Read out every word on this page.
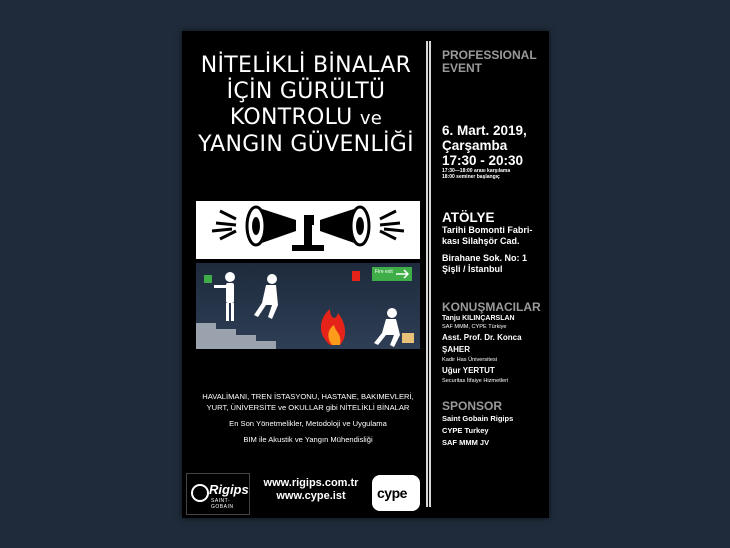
NİTELİKLİ BİNALAR
İÇİN GÜRÜLTÜ
KONTROLU ve
YANGIN GÜVENLİĞİ
Fire exit

HAVALİMANI, TREN İSTASYONU, HASTANE, BAKIMEVLERİ,
YURT, ÜNİVERSİTE ve OKULLAR gibi NİTELİKLİ BİNALAR

En Son Yönetmelikler, Metodoloji ve Uygulama

BIM ile Akustik ve Yangın Mühendisliği

Rigips
SAINT-GOBAIN
www.rigips.com.tr
www.cype.ist	cype
PROFESSIONAL
EVENT
6. Mart. 2019,
Çarşamba
17:30 - 20:30
17:30—18:00 arası karşılama
18:00 seminer başlangıç
ATÖLYE
Tarihi Bomonti Fabri-
kası Silahşör Cad.
Birahane Sok. No: 1
Şişli / İstanbul
KONUŞMACILAR
Tanju KILINÇARSLAN
SAF MMM, CYPE Türkiye
Asst. Prof. Dr. Konca ŞAHER
Kadir Has Üniversitesi
Uğur YERTUT
Securitas İtfaiye Hizmetleri
SPONSOR
Saint Gobain Rigips
CYPE Turkey
SAF MMM JV
